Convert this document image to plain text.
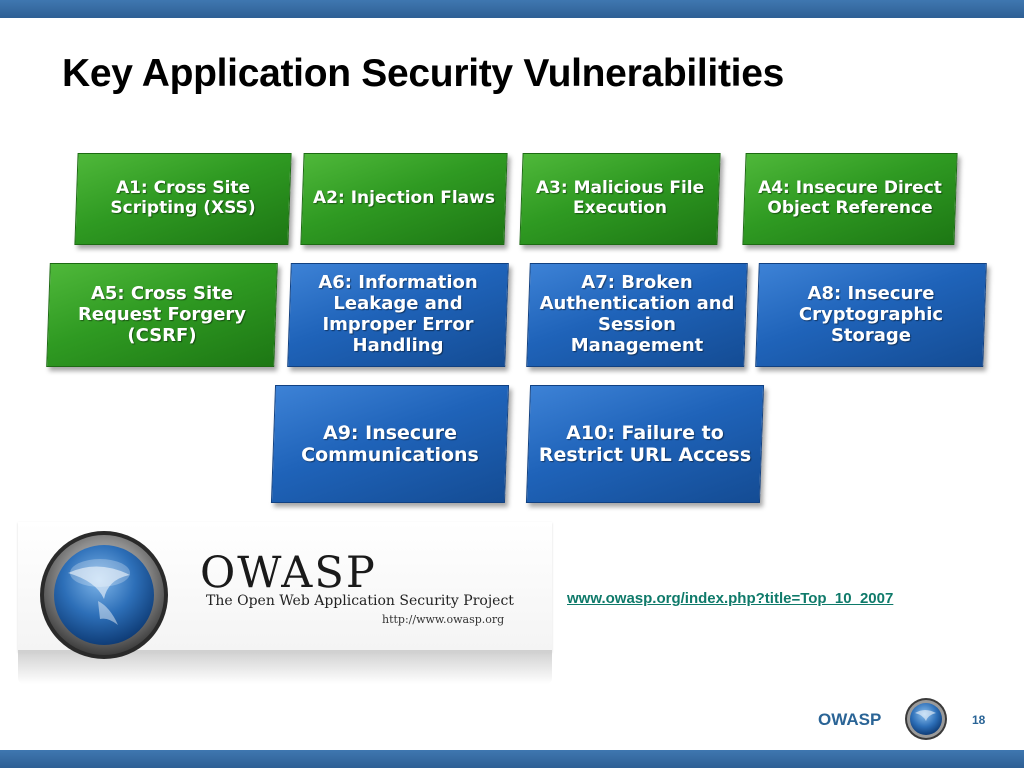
Key Application Security Vulnerabilities
A1: Cross Site Scripting (XSS)	A2: Injection Flaws	A3: Malicious File Execution
A4: Insecure Direct Object Reference
A5: Cross Site Request Forgery (CSRF)
A6: Information Leakage and Improper Error Handling
A7: Broken Authentication and Session Management
A8: Insecure Cryptographic Storage
A9: Insecure Communications
A10: Failure to Restrict URL Access
OWASP
The Open Web Application Security Project
http://www.owasp.org
www.owasp.org/index.php?title=Top_10_2007
OWASP	18
